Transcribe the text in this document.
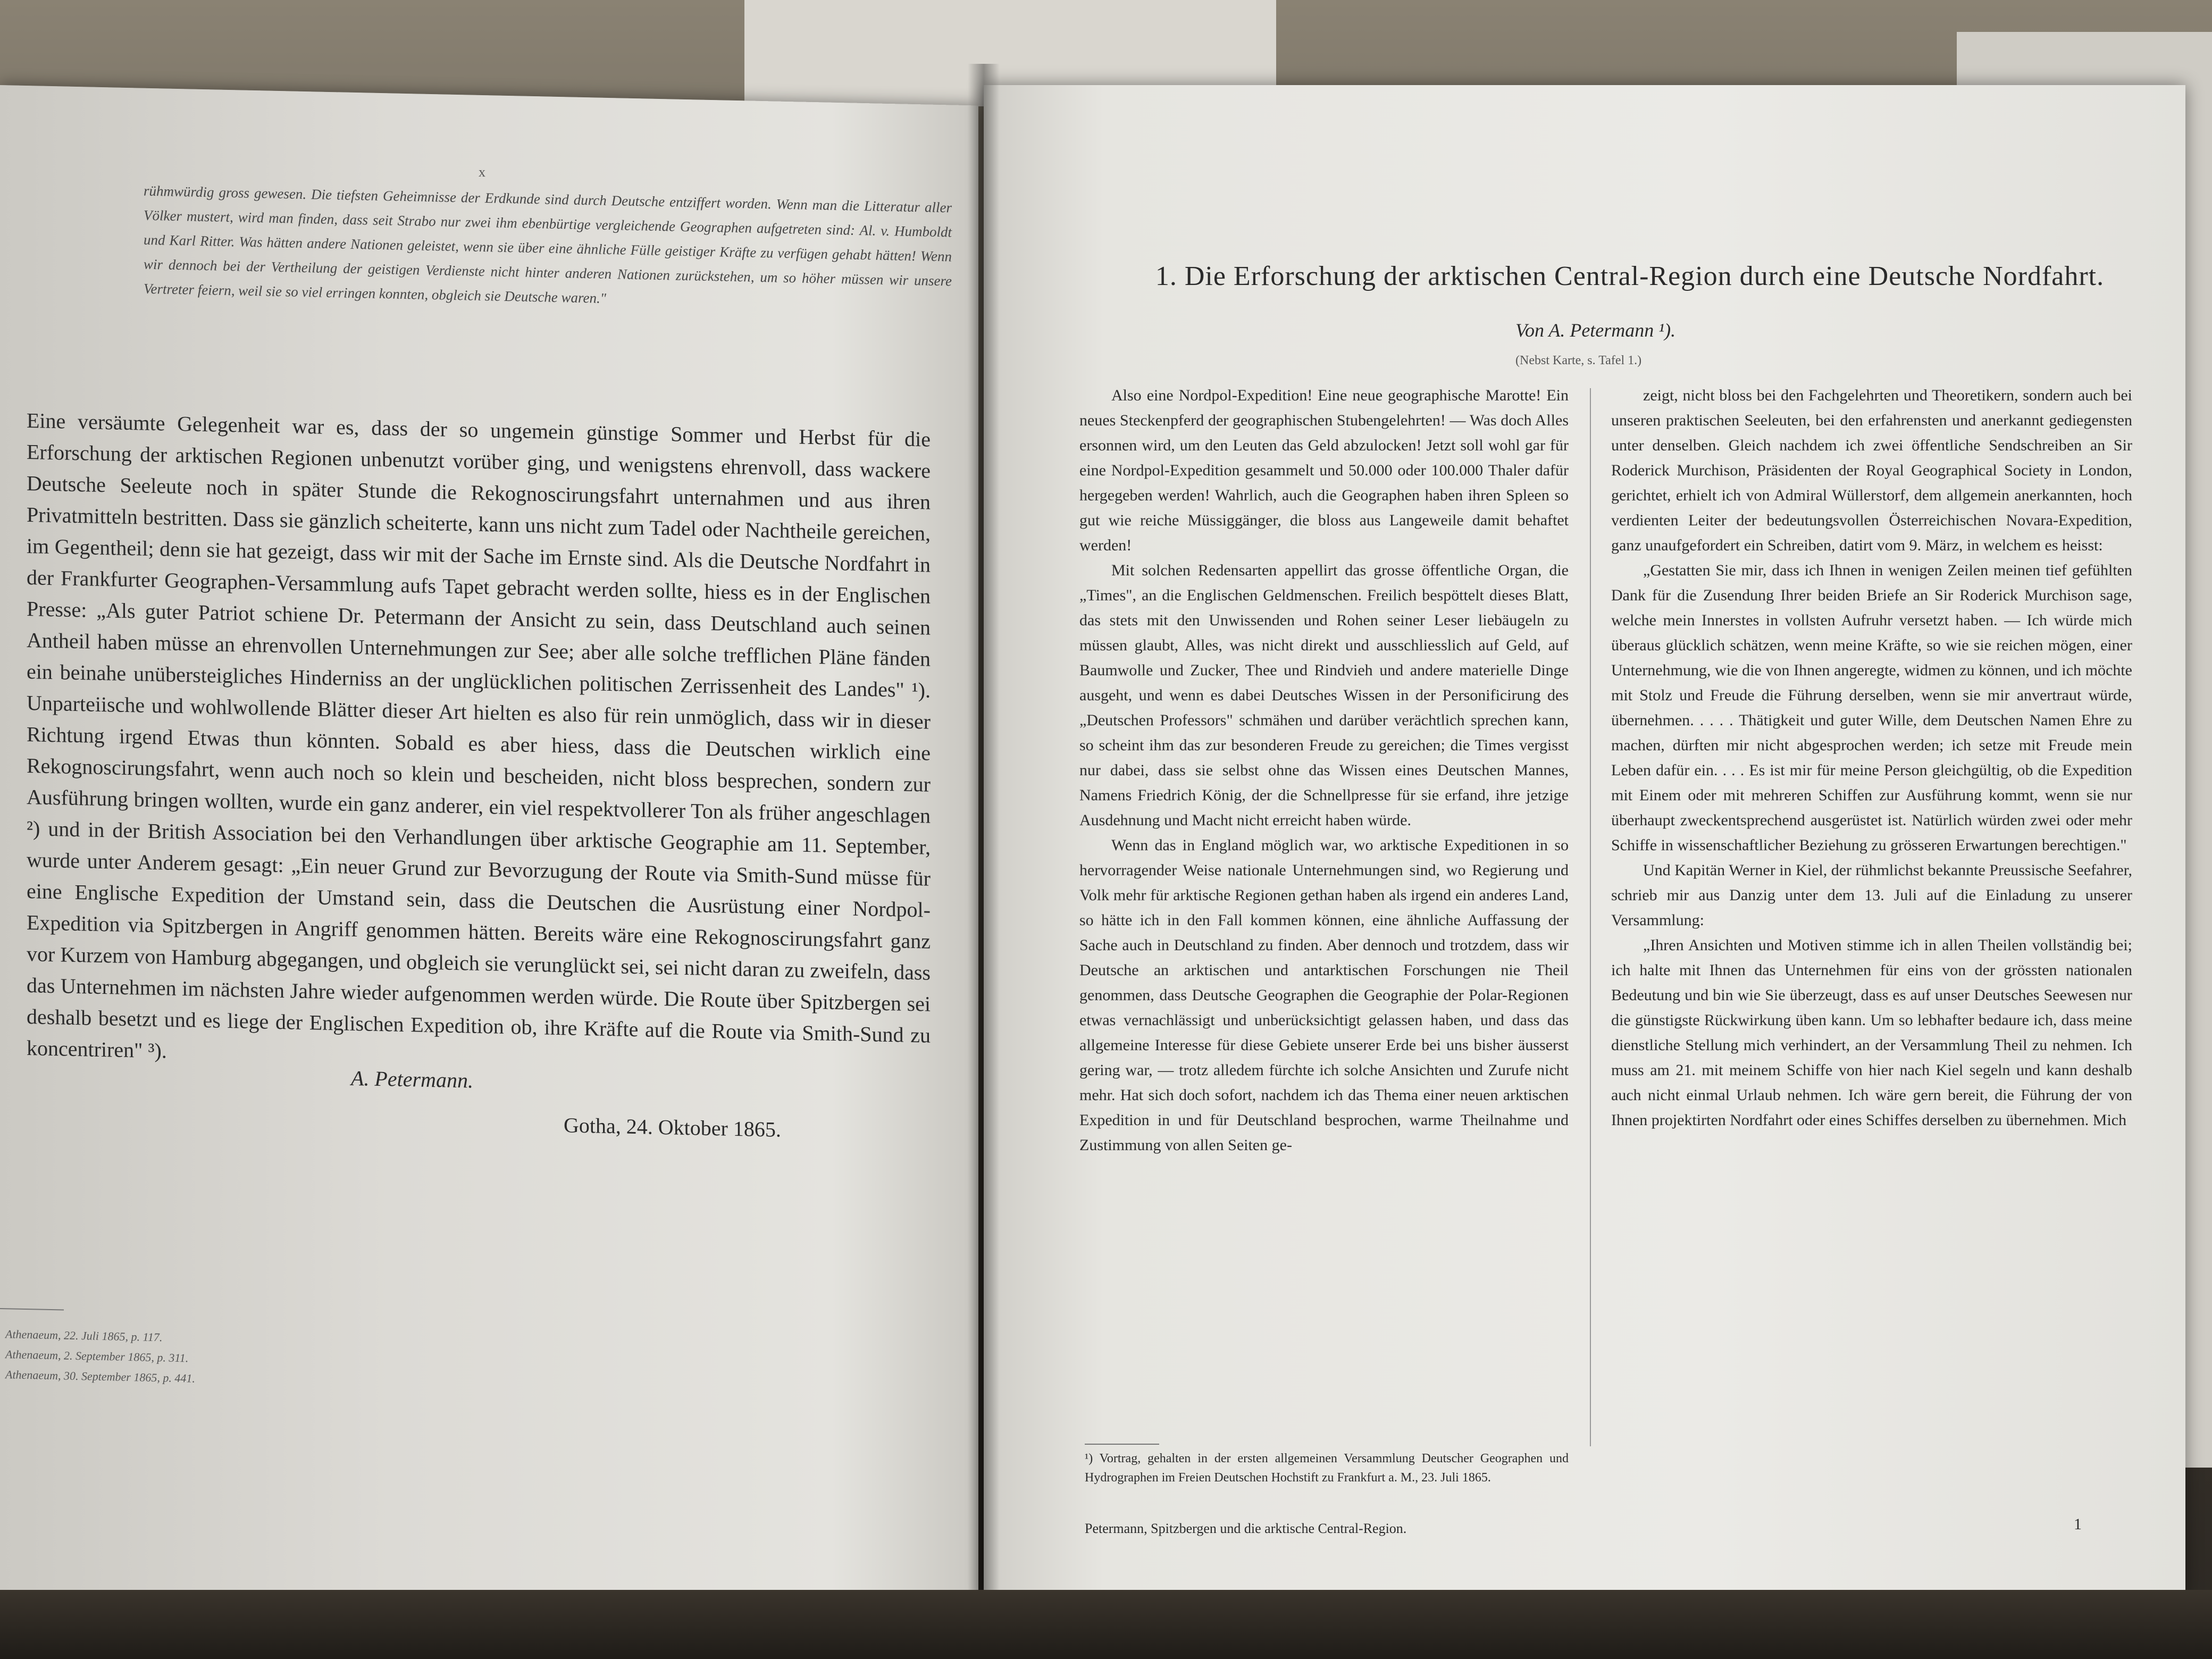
x
rühmwürdig gross gewesen. Die tiefsten Geheimnisse der Erdkunde sind durch Deutsche entziffert worden. Wenn man die Litteratur aller Völker mustert, wird man finden, dass seit Strabo nur zwei ihm ebenbürtige vergleichende Geographen aufgetreten sind: Al. v. Humboldt und Karl Ritter. Was hätten andere Nationen geleistet, wenn sie über eine ähnliche Fülle geistiger Kräfte zu verfügen gehabt hätten! Wenn wir dennoch bei der Vertheilung der geistigen Verdienste nicht hinter anderen Nationen zurückstehen, um so höher müssen wir unsere Vertreter feiern, weil sie so viel erringen konnten, obgleich sie Deutsche waren."
Eine versäumte Gelegenheit war es, dass der so ungemein günstige Sommer und Herbst für die Erforschung der arktischen Regionen unbenutzt vorüber ging, und wenigstens ehrenvoll, dass wackere Deutsche Seeleute noch in später Stunde die Rekognoscirungsfahrt unternahmen und aus ihren Privatmitteln bestritten. Dass sie gänzlich scheiterte, kann uns nicht zum Tadel oder Nachtheile gereichen, im Gegentheil; denn sie hat gezeigt, dass wir mit der Sache im Ernste sind. Als die Deutsche Nordfahrt in der Frankfurter Geographen-Versammlung aufs Tapet gebracht werden sollte, hiess es in der Englischen Presse: „Als guter Patriot schiene Dr. Petermann der Ansicht zu sein, dass Deutschland auch seinen Antheil haben müsse an ehrenvollen Unternehmungen zur See; aber alle solche trefflichen Pläne fänden ein beinahe unübersteigliches Hinderniss an der unglücklichen politischen Zerrissenheit des Landes" ¹). Unparteiische und wohlwollende Blätter dieser Art hielten es also für rein unmöglich, dass wir in dieser Richtung irgend Etwas thun könnten. Sobald es aber hiess, dass die Deutschen wirklich eine Rekognoscirungsfahrt, wenn auch noch so klein und bescheiden, nicht bloss besprechen, sondern zur Ausführung bringen wollten, wurde ein ganz anderer, ein viel respektvollerer Ton als früher angeschlagen ²) und in der British Association bei den Verhandlungen über arktische Geographie am 11. September, wurde unter Anderem gesagt: „Ein neuer Grund zur Bevorzugung der Route via Smith-Sund müsse für eine Englische Expedition der Umstand sein, dass die Deutschen die Ausrüstung einer Nordpol-Expedition via Spitzbergen in Angriff genommen hätten. Bereits wäre eine Rekognoscirungsfahrt ganz vor Kurzem von Hamburg abgegangen, und obgleich sie verunglückt sei, sei nicht daran zu zweifeln, dass das Unternehmen im nächsten Jahre wieder aufgenommen werden würde. Die Route über Spitzbergen sei deshalb besetzt und es liege der Englischen Expedition ob, ihre Kräfte auf die Route via Smith-Sund zu koncentriren" ³).
A. Petermann.
Gotha, 24. Oktober 1865.
Athenaeum, 22. Juli 1865, p. 117.
Athenaeum, 2. September 1865, p. 311.
Athenaeum, 30. September 1865, p. 441.
1. Die Erforschung der arktischen Central-Region durch eine Deutsche Nordfahrt.
Von A. Petermann ¹).
(Nebst Karte, s. Tafel 1.)

Also eine Nordpol-Expedition! Eine neue geographische Marotte! Ein neues Steckenpferd der geographischen Stubengelehrten! — Was doch Alles ersonnen wird, um den Leuten das Geld abzulocken! Jetzt soll wohl gar für eine Nordpol-Expedition gesammelt und 50.000 oder 100.000 Thaler dafür hergegeben werden! Wahrlich, auch die Geographen haben ihren Spleen so gut wie reiche Müssiggänger, die bloss aus Langeweile damit behaftet werden!

Mit solchen Redensarten appellirt das grosse öffentliche Organ, die „Times", an die Englischen Geldmenschen. Freilich bespöttelt dieses Blatt, das stets mit den Unwissenden und Rohen seiner Leser liebäugeln zu müssen glaubt, Alles, was nicht direkt und ausschliesslich auf Geld, auf Baumwolle und Zucker, Thee und Rindvieh und andere materielle Dinge ausgeht, und wenn es dabei Deutsches Wissen in der Personificirung des „Deutschen Professors" schmähen und darüber verächtlich sprechen kann, so scheint ihm das zur besonderen Freude zu gereichen; die Times vergisst nur dabei, dass sie selbst ohne das Wissen eines Deutschen Mannes, Namens Friedrich König, der die Schnellpresse für sie erfand, ihre jetzige Ausdehnung und Macht nicht erreicht haben würde.

Wenn das in England möglich war, wo arktische Expeditionen in so hervorragender Weise nationale Unternehmungen sind, wo Regierung und Volk mehr für arktische Regionen gethan haben als irgend ein anderes Land, so hätte ich in den Fall kommen können, eine ähnliche Auffassung der Sache auch in Deutschland zu finden. Aber dennoch und trotzdem, dass wir Deutsche an arktischen und antarktischen Forschungen nie Theil genommen, dass Deutsche Geographen die Geographie der Polar-Regionen etwas vernachlässigt und unberücksichtigt gelassen haben, und dass das allgemeine Interesse für diese Gebiete unserer Erde bei uns bisher äusserst gering war, — trotz alledem fürchte ich solche Ansichten und Zurufe nicht mehr. Hat sich doch sofort, nachdem ich das Thema einer neuen arktischen Expedition in und für Deutschland besprochen, warme Theilnahme und Zustimmung von allen Seiten ge-

zeigt, nicht bloss bei den Fachgelehrten und Theoretikern, sondern auch bei unseren praktischen Seeleuten, bei den erfahrensten und anerkannt gediegensten unter denselben. Gleich nachdem ich zwei öffentliche Sendschreiben an Sir Roderick Murchison, Präsidenten der Royal Geographical Society in London, gerichtet, erhielt ich von Admiral Wüllerstorf, dem allgemein anerkannten, hoch verdienten Leiter der bedeutungsvollen Österreichischen Novara-Expedition, ganz unaufgefordert ein Schreiben, datirt vom 9. März, in welchem es heisst:

„Gestatten Sie mir, dass ich Ihnen in wenigen Zeilen meinen tief gefühlten Dank für die Zusendung Ihrer beiden Briefe an Sir Roderick Murchison sage, welche mein Innerstes in vollsten Aufruhr versetzt haben. — Ich würde mich überaus glücklich schätzen, wenn meine Kräfte, so wie sie reichen mögen, einer Unternehmung, wie die von Ihnen angeregte, widmen zu können, und ich möchte mit Stolz und Freude die Führung derselben, wenn sie mir anvertraut würde, übernehmen. . . . . Thätigkeit und guter Wille, dem Deutschen Namen Ehre zu machen, dürften mir nicht abgesprochen werden; ich setze mit Freude mein Leben dafür ein. . . . Es ist mir für meine Person gleichgültig, ob die Expedition mit Einem oder mit mehreren Schiffen zur Ausführung kommt, wenn sie nur überhaupt zweckentsprechend ausgerüstet ist. Natürlich würden zwei oder mehr Schiffe in wissenschaftlicher Beziehung zu grösseren Erwartungen berechtigen."

Und Kapitän Werner in Kiel, der rühmlichst bekannte Preussische Seefahrer, schrieb mir aus Danzig unter dem 13. Juli auf die Einladung zu unserer Versammlung:

„Ihren Ansichten und Motiven stimme ich in allen Theilen vollständig bei; ich halte mit Ihnen das Unternehmen für eins von der grössten nationalen Bedeutung und bin wie Sie überzeugt, dass es auf unser Deutsches Seewesen nur die günstigste Rückwirkung üben kann. Um so lebhafter bedaure ich, dass meine dienstliche Stellung mich verhindert, an der Versammlung Theil zu nehmen. Ich muss am 21. mit meinem Schiffe von hier nach Kiel segeln und kann deshalb auch nicht einmal Urlaub nehmen. Ich wäre gern bereit, die Führung der von Ihnen projektirten Nordfahrt oder eines Schiffes derselben zu übernehmen. Mich

¹) Vortrag, gehalten in der ersten allgemeinen Versammlung Deutscher Geographen und Hydrographen im Freien Deutschen Hochstift zu Frankfurt a. M., 23. Juli 1865.
Petermann, Spitzbergen und die arktische Central-Region.	1
